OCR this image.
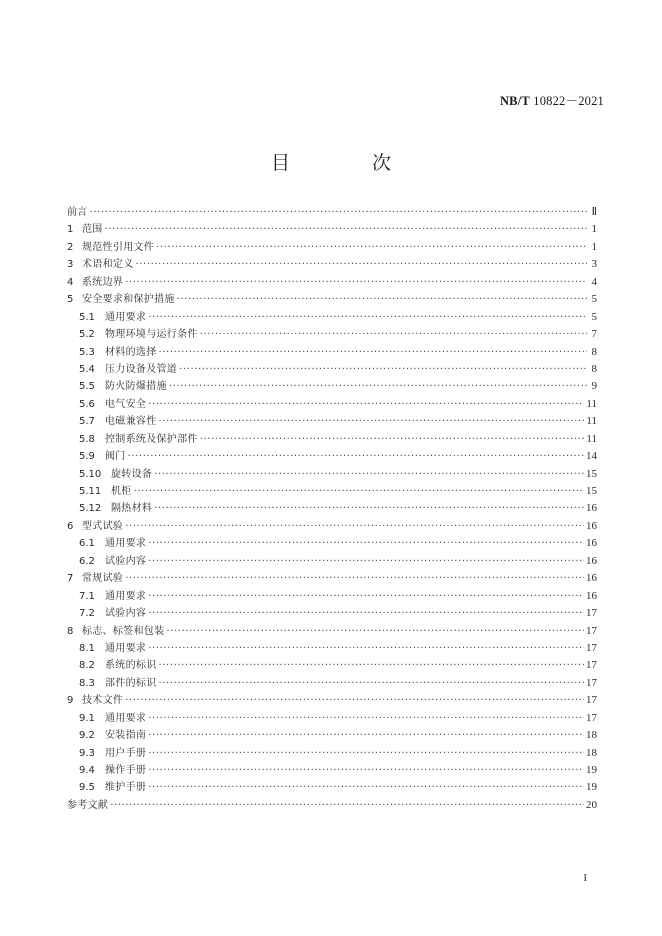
NB/T 10822－2021
目 次
前言 ·····	Ⅱ
1 范围 ·····	1
2 规范性引用文件 ·····	1
3 术语和定义 ·····	3
4 系统边界 ·····	4
5 安全要求和保护措施 ·····	5
5.1	通用要求 ·····	5
5.2	物理环境与运行条件 ·····	7
5.3	材料的选择 ·····	8
5.4	压力设备及管道 ·····	8
5.5	防火防爆措施 ·····	9
5.6	电气安全 ·····	11
5.7	电磁兼容性 ·····	11
5.8	控制系统及保护部件 ·····	11
5.9	阀门 ·····	14
5.10 旋转设备 ·····	15
5.11 机柜 ·····	15
5.12 隔热材料 ·····	16
6 型式试验 ·····	16
6.1	通用要求 ·····	16
6.2	试验内容 ·····	16
7 常规试验 ·····	16
7.1	通用要求 ·····	16
7.2	试验内容 ·····	17
8 标志、标签和包装 ·····	17
8.1	通用要求 ·····	17
8.2	系统的标识 ·····	17
8.3	部件的标识 ·····	17
9 技术文件 ·····	17
9.1	通用要求 ·····	17
9.2	安装指南 ·····	18
9.3	用户手册 ·····	18
9.4	操作手册 ·····	19
9.5	维护手册 ·····	19
参考文献 ·····	20
I
